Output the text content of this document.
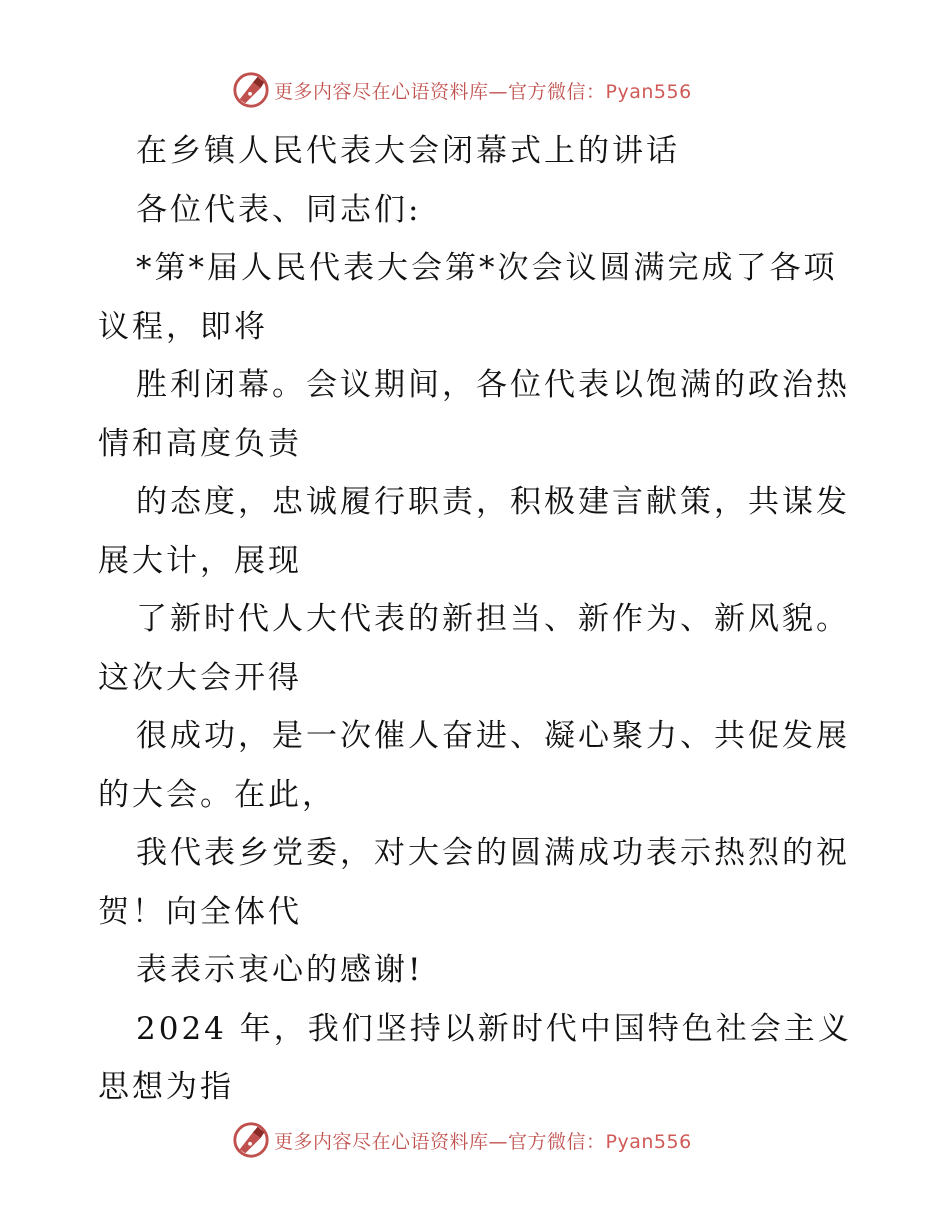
更多内容尽在心语资料库—官方微信：Pyan556
在乡镇人民代表大会闭幕式上的讲话
各位代表、同志们:
*第*届人民代表大会第*次会议圆满完成了各项
议程，即将
胜利闭幕。会议期间，各位代表以饱满的政治热
情和高度负责
的态度，忠诚履行职责，积极建言献策，共谋发
展大计，展现
了新时代人大代表的新担当、新作为、新风貌。
这次大会开得
很成功，是一次催人奋进、凝心聚力、共促发展
的大会。在此，
我代表乡党委，对大会的圆满成功表示热烈的祝
贺！向全体代
表表示衷心的感谢!
2024 年，我们坚持以新时代中国特色社会主义
思想为指
更多内容尽在心语资料库—官方微信：Pyan556
